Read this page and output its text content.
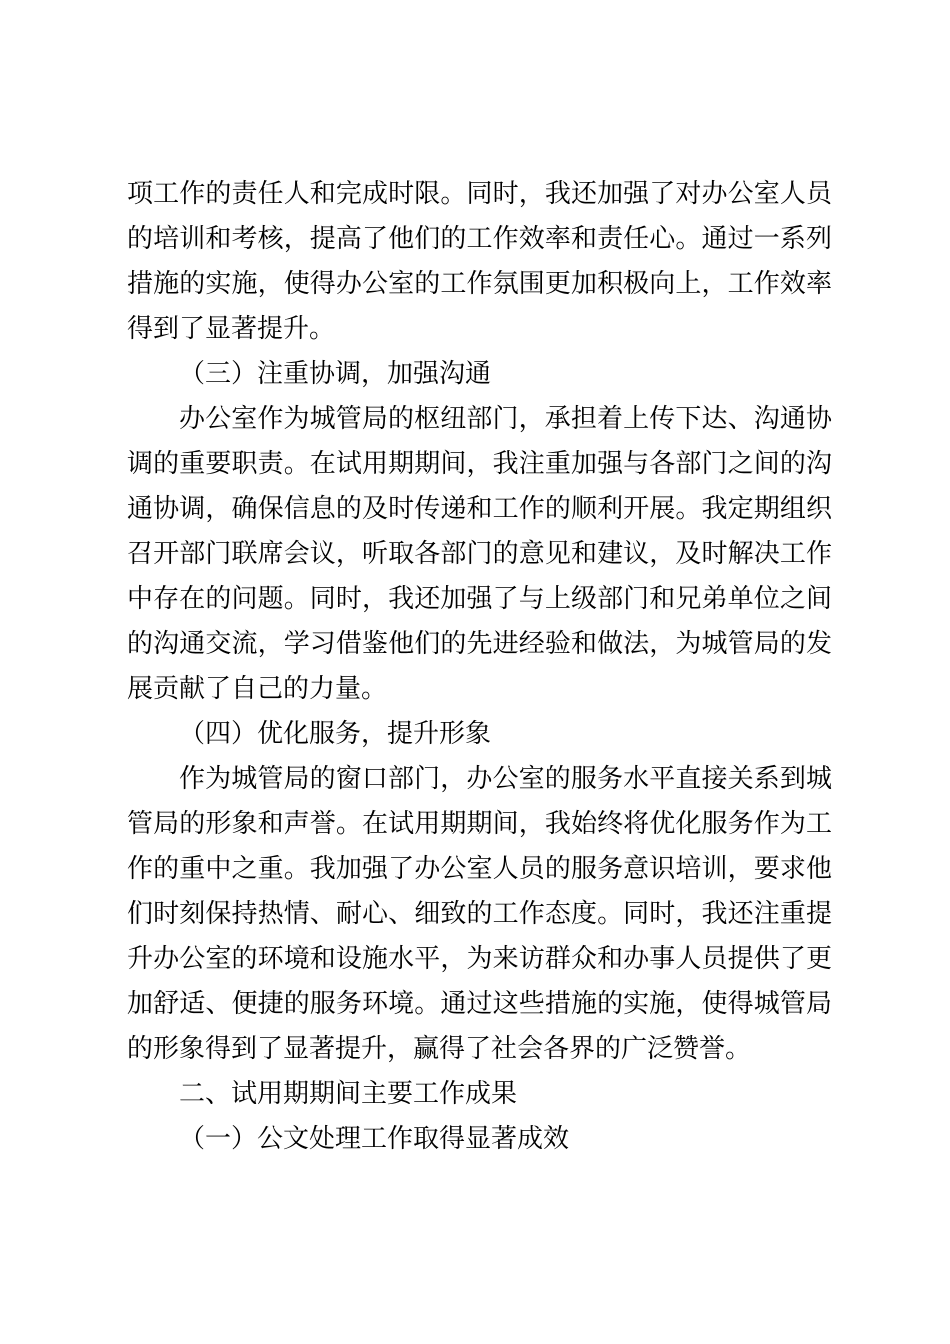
项工作的责任人和完成时限。同时，我还加强了对办公室人员的培训和考核，提高了他们的工作效率和责任心。通过一系列措施的实施，使得办公室的工作氛围更加积极向上，工作效率得到了显著提升。

（三）注重协调，加强沟通

办公室作为城管局的枢纽部门，承担着上传下达、沟通协调的重要职责。在试用期期间，我注重加强与各部门之间的沟通协调，确保信息的及时传递和工作的顺利开展。我定期组织召开部门联席会议，听取各部门的意见和建议，及时解决工作中存在的问题。同时，我还加强了与上级部门和兄弟单位之间的沟通交流，学习借鉴他们的先进经验和做法，为城管局的发展贡献了自己的力量。

（四）优化服务，提升形象

作为城管局的窗口部门，办公室的服务水平直接关系到城管局的形象和声誉。在试用期期间，我始终将优化服务作为工作的重中之重。我加强了办公室人员的服务意识培训，要求他们时刻保持热情、耐心、细致的工作态度。同时，我还注重提升办公室的环境和设施水平，为来访群众和办事人员提供了更加舒适、便捷的服务环境。通过这些措施的实施，使得城管局的形象得到了显著提升，赢得了社会各界的广泛赞誉。

二、试用期期间主要工作成果

（一）公文处理工作取得显著成效
